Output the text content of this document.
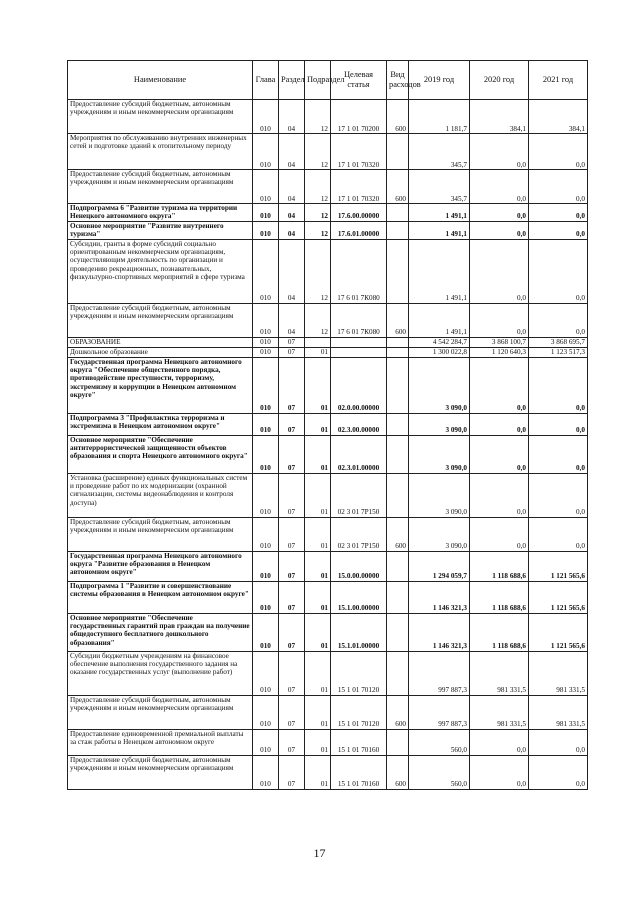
Наименование	Глава	Раздел	Подраздел	Целевая статья	Вид расходов	2019 год	2020 год	2021 год
Предоставление субсидий бюджетным, автономным учреждениям и иным некоммерческим организациям	010	04	12	17 1 01 70200	600	1 181,7	384,1	384,1
Мероприятия по обслуживанию внутренних инженерных сетей и подготовке зданий к отопительному периоду	010	04	12	17 1 01 70320		345,7	0,0	0,0
Предоставление субсидий бюджетным, автономным учреждениям и иным некоммерческим организациям	010	04	12	17 1 01 70320	600	345,7	0,0	0,0
Подпрограмма 6 "Развитие туризма на территории Ненецкого автономного округа"	010	04	12	17.6.00.00000		1 491,1	0,0	0,0
Основное мероприятие "Развитие внутреннего туризма"	010	04	12	17.6.01.00000		1 491,1	0,0	0,0
Субсидии, гранты в форме субсидий социально ориентированным некоммерческим организациям, осуществляющим деятельность по организации и проведению рекреационных, познавательных, физкультурно-спортивных мероприятий в сфере туризма	010	04	12	17 6 01 7К080		1 491,1	0,0	0,0
Предоставление субсидий бюджетным, автономным учреждениям и иным некоммерческим организациям	010	04	12	17 6 01 7К080	600	1 491,1	0,0	0,0
ОБРАЗОВАНИЕ	010	07				4 542 284,7	3 868 100,7	3 868 695,7
Дошкольное образование	010	07	01			1 300 022,8	1 120 640,3	1 123 517,3
Государственная программа Ненецкого автономного округа "Обеспечение общественного порядка, противодействие преступности, терроризму, экстремизму и коррупции в Ненецком автономном округе"	010	07	01	02.0.00.00000		3 090,0	0,0	0,0
Подпрограмма 3 "Профилактика терроризма и экстремизма в Ненецком автономном округе"	010	07	01	02.3.00.00000		3 090,0	0,0	0,0
Основное мероприятие "Обеспечение антитеррористической защищенности объектов образования и спорта Ненецкого автономного округа"	010	07	01	02.3.01.00000		3 090,0	0,0	0,0
Установка (расширение) единых функциональных систем и проведение работ по их модернизации (охранной сигнализации, системы видеонаблюдения и контроля доступа)	010	07	01	02 3 01 7Р150		3 090,0	0,0	0,0
Предоставление субсидий бюджетным, автономным учреждениям и иным некоммерческим организациям	010	07	01	02 3 01 7Р150	600	3 090,0	0,0	0,0
Государственная программа Ненецкого автономного округа "Развитие образования в Ненецком автономном округе"	010	07	01	15.0.00.00000		1 294 059,7	1 118 688,6	1 121 565,6
Подпрограмма 1 "Развитие и совершенствование системы образования в Ненецком автономном округе"	010	07	01	15.1.00.00000		1 146 321,3	1 118 688,6	1 121 565,6
Основное мероприятие "Обеспечение государственных гарантий прав граждан на получение общедоступного бесплатного дошкольного образования"	010	07	01	15.1.01.00000		1 146 321,3	1 118 688,6	1 121 565,6
Субсидии бюджетным учреждениям на финансовое обеспечение выполнения государственного задания на оказание государственных услуг (выполнение работ)	010	07	01	15 1 01 70120		997 887,3	981 331,5	981 331,5
Предоставление субсидий бюджетным, автономным учреждениям и иным некоммерческим организациям	010	07	01	15 1 01 70120	600	997 887,3	981 331,5	981 331,5
Предоставление единовременной премиальной выплаты за стаж работы в Ненецком автономном округе	010	07	01	15 1 01 70160		560,0	0,0	0,0
Предоставление субсидий бюджетным, автономным учреждениям и иным некоммерческим организациям	010	07	01	15 1 01 70160	600	560,0	0,0	0,0
17
